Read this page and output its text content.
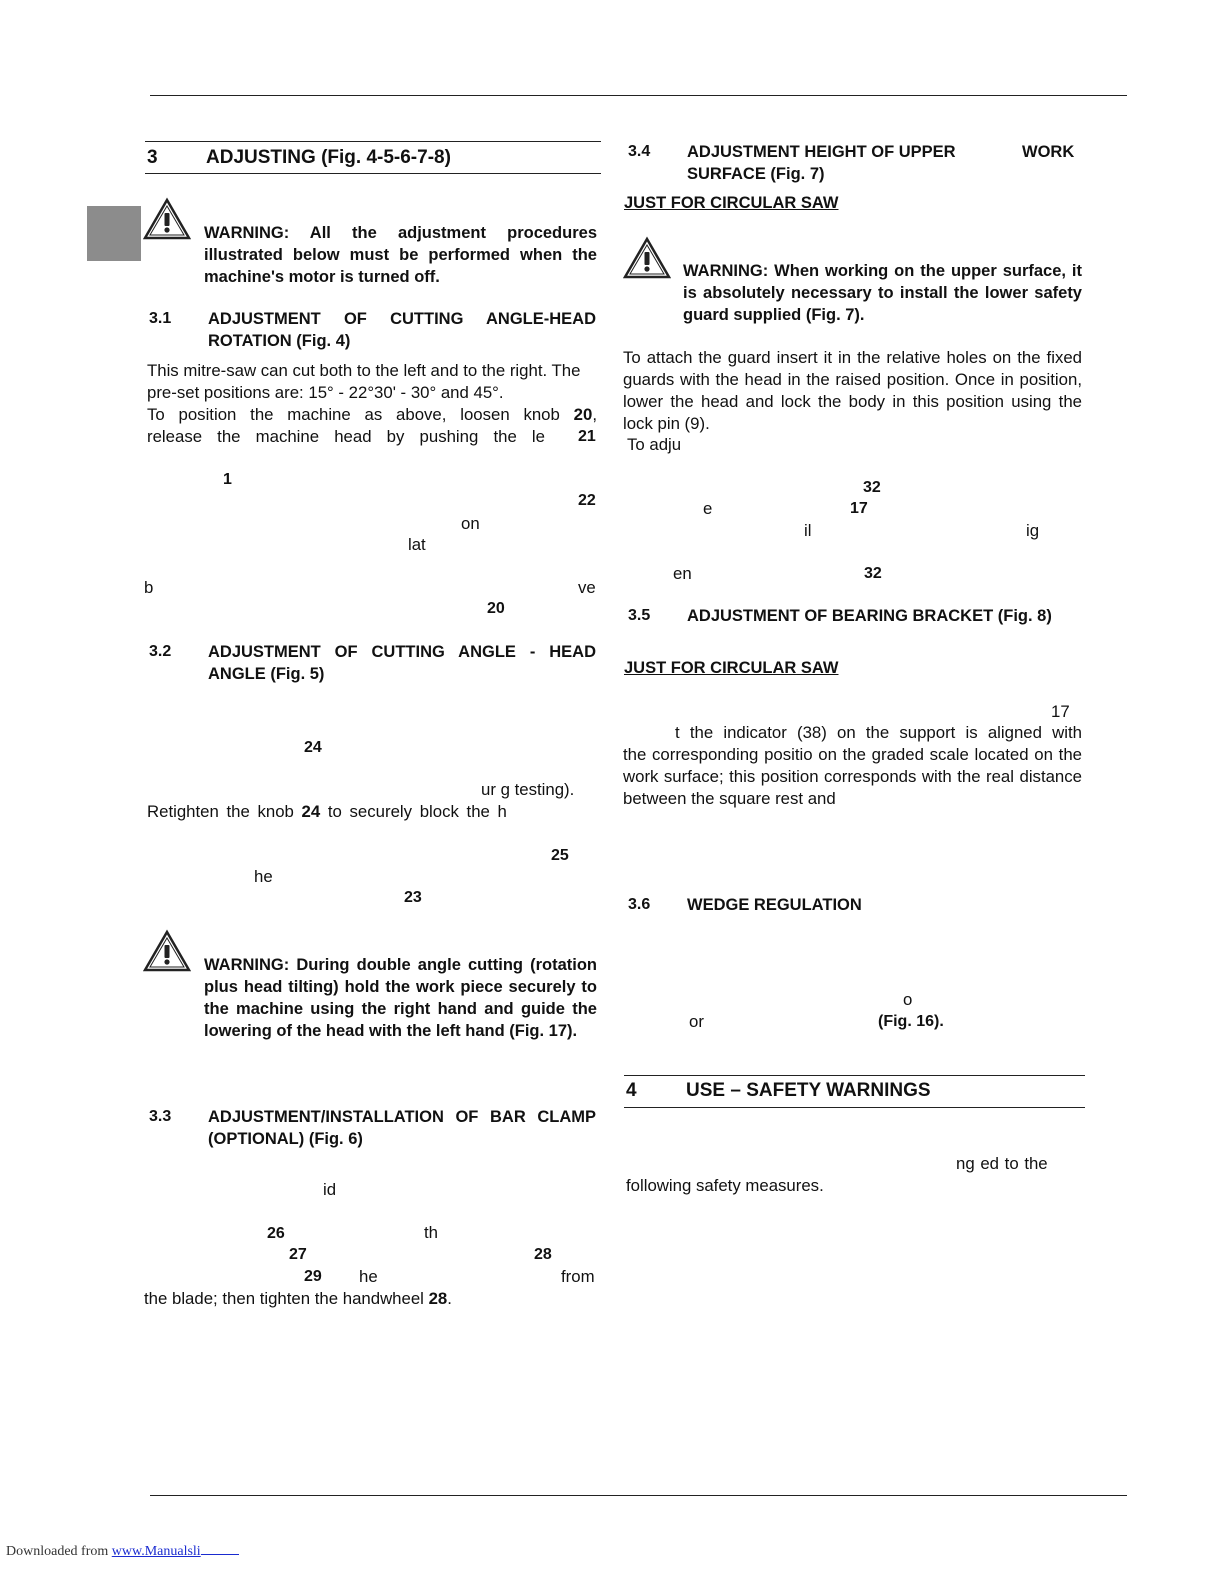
3	ADJUSTING (Fig. 4-5-6-7-8)
WARNING: All the adjustment procedures illustrated below must be performed when the machine's motor is turned off.
3.1 ADJUSTMENT OF CUTTING ANGLE-HEAD ROTATION (Fig. 4)
This mitre-saw can cut both to the left and to the right. The pre-set positions are: 15° - 22°30' - 30° and 45°.
To position the machine as above, loosen knob 20,
release the machine head by pushing the le 21
1
22
on
lat
b	ve
20
3.2 ADJUSTMENT OF CUTTING ANGLE - HEAD ANGLE (Fig. 5)
24
ur g testing).
Retighten the knob 24 to securely block the h
25
he
23
WARNING: During double angle cutting (rotation plus head tilting) hold the work piece securely to the machine using the right hand and guide the lowering of the head with the left hand (Fig. 17).
3.3 ADJUSTMENT/INSTALLATION OF BAR CLAMP (OPTIONAL) (Fig. 6)
id
26	th
27	28
29 he	from
the blade; then tighten the handwheel 28.
3.4 ADJUSTMENT HEIGHT OF UPPER	WORK
SURFACE (Fig. 7)
JUST FOR CIRCULAR SAW
WARNING: When working on the upper surface, it is absolutely necessary to install the lower safety guard supplied (Fig. 7).
To attach the guard insert it in the relative holes on the fixed guards with the head in the raised position. Once in position, lower the head and lock the body in this position using the lock pin (9).
To adju
32
e	17
il	ig
en	32
3.5 ADJUSTMENT OF BEARING BRACKET (Fig. 8)
JUST FOR CIRCULAR SAW
17
t the indicator (38) on the support is aligned with
the corresponding positio on the graded scale located on the work surface; this position corresponds with the real distance between the square rest and
3.6 WEDGE REGULATION
o
or	(Fig. 16).
4	USE – SAFETY WARNINGS
ng ed to the
following safety measures.
Downloaded from www.Manualsli
